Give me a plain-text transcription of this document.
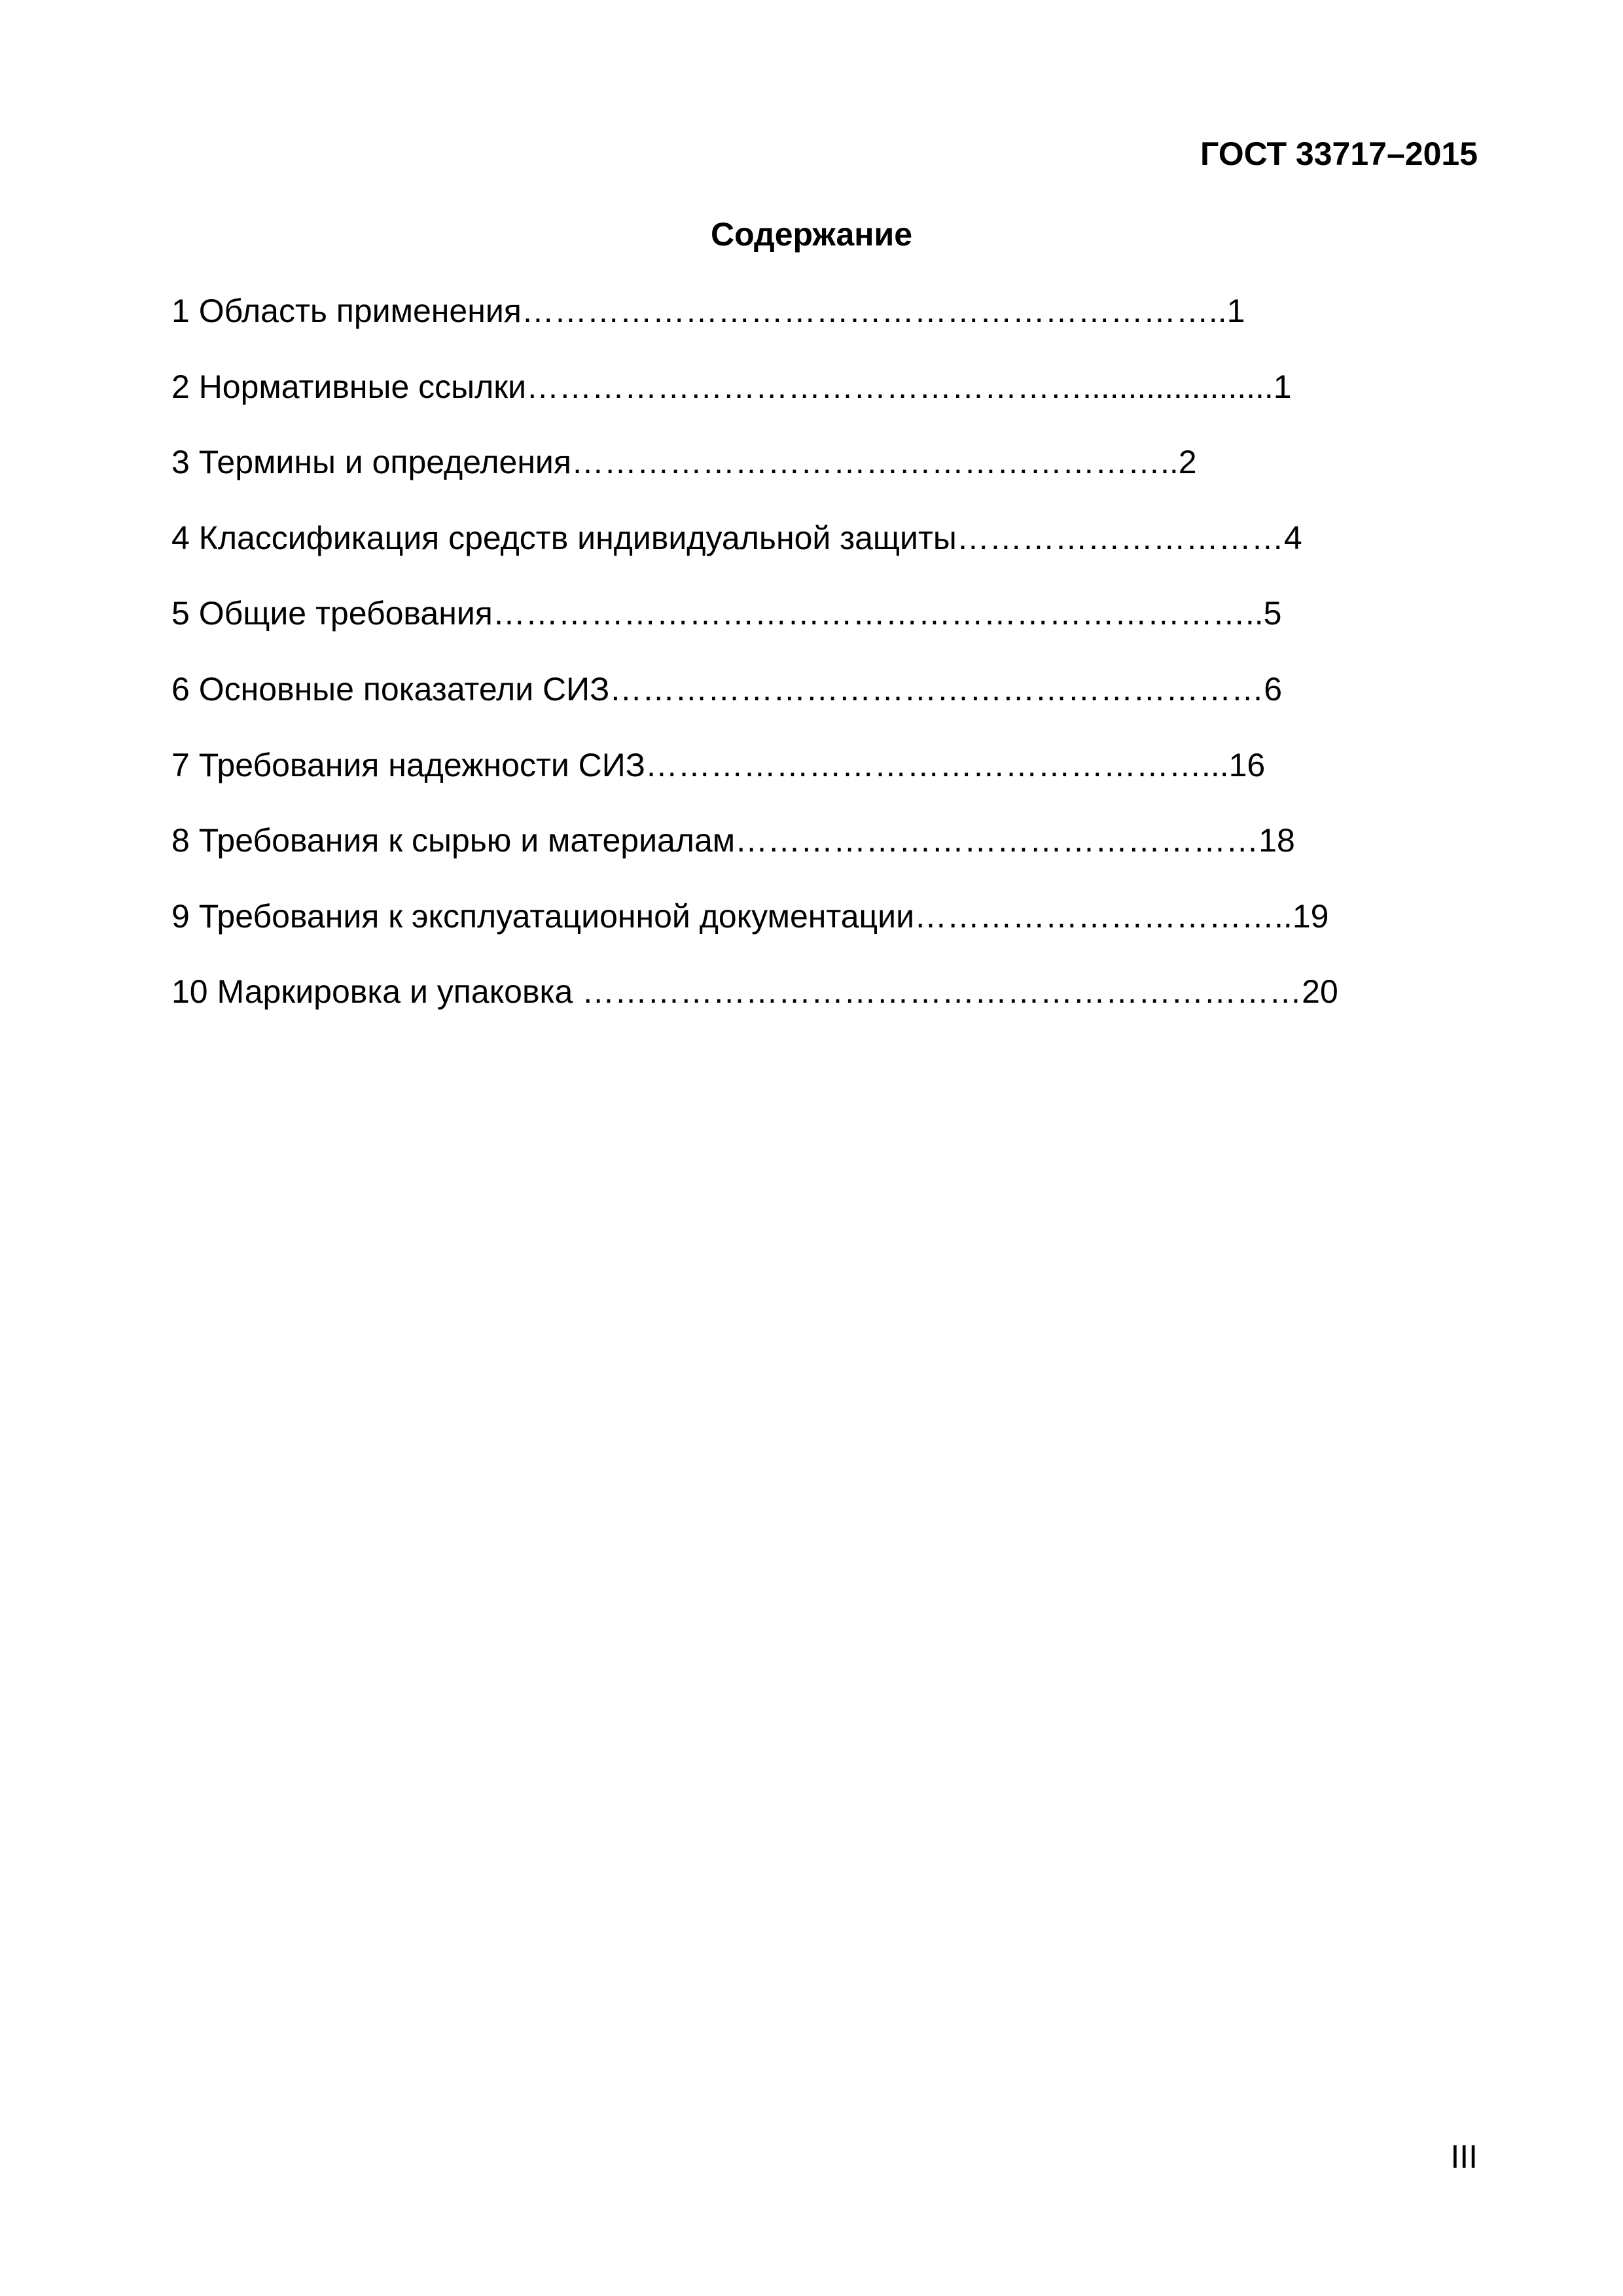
ГОСТ 33717–2015
Содержание
1 Область применения………………………………………………………..1
2 Нормативные ссылки…………………………………………….....................1
3 Термины и определения………………………………………………..2
4 Классификация средств индивидуальной защиты…………………………4
5 Общие требования……………………………………………………………..5
6 Основные показатели СИЗ……………………………………………………6
7 Требования надежности СИЗ……………………………………………...16
8 Требования к сырью и материалам…………………………………………18
9 Требования к эксплуатационной документации……………………………..19
10 Маркировка и упаковка …………………………………………………………20
III
